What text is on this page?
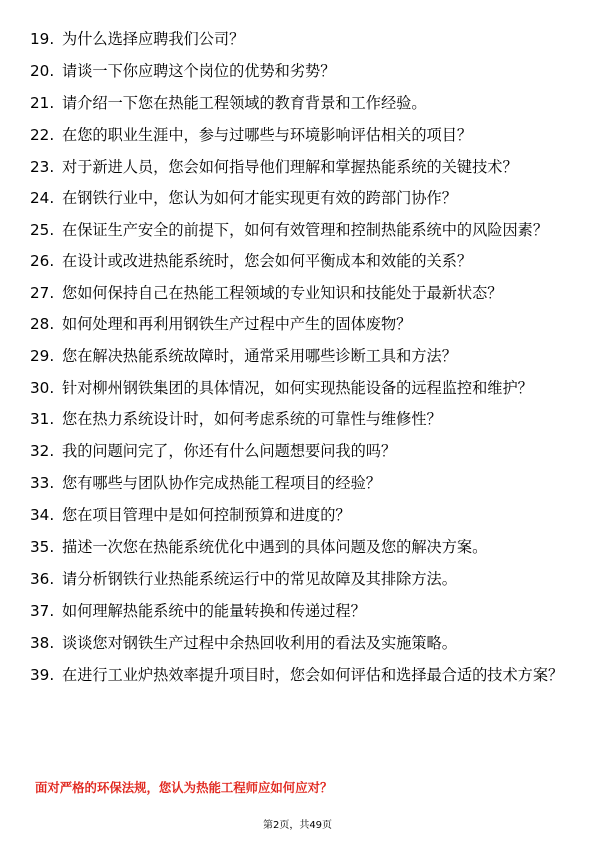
19. 为什么选择应聘我们公司？
20. 请谈一下你应聘这个岗位的优势和劣势？
21. 请介绍一下您在热能工程领域的教育背景和工作经验。
22. 在您的职业生涯中，参与过哪些与环境影响评估相关的项目？
23. 对于新进人员，您会如何指导他们理解和掌握热能系统的关键技术？
24. 在钢铁行业中，您认为如何才能实现更有效的跨部门协作？
25. 在保证生产安全的前提下，如何有效管理和控制热能系统中的风险因素？
26. 在设计或改进热能系统时，您会如何平衡成本和效能的关系？
27. 您如何保持自己在热能工程领域的专业知识和技能处于最新状态？
28. 如何处理和再利用钢铁生产过程中产生的固体废物？
29. 您在解决热能系统故障时，通常采用哪些诊断工具和方法？
30. 针对柳州钢铁集团的具体情况，如何实现热能设备的远程监控和维护？
31. 您在热力系统设计时，如何考虑系统的可靠性与维修性？
32. 我的问题问完了，你还有什么问题想要问我的吗？
33. 您有哪些与团队协作完成热能工程项目的经验？
34. 您在项目管理中是如何控制预算和进度的？
35. 描述一次您在热能系统优化中遇到的具体问题及您的解决方案。
36. 请分析钢铁行业热能系统运行中的常见故障及其排除方法。
37. 如何理解热能系统中的能量转换和传递过程？
38. 谈谈您对钢铁生产过程中余热回收利用的看法及实施策略。
39. 在进行工业炉热效率提升项目时，您会如何评估和选择最合适的技术方案？
面对严格的环保法规，您认为热能工程师应如何应对？
第2页，共49页
